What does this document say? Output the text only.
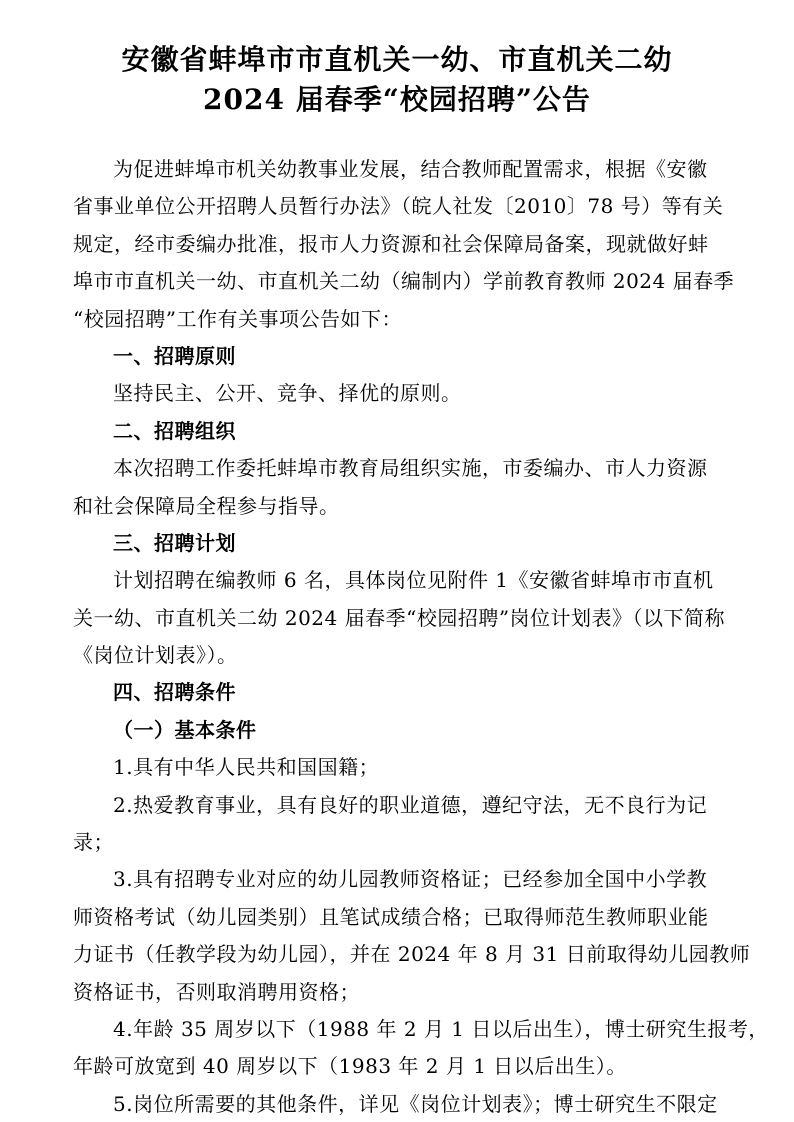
安徽省蚌埠市市直机关一幼、市直机关二幼
2024 届春季“校园招聘”公告
为促进蚌埠市机关幼教事业发展，结合教师配置需求，根据《安徽
省事业单位公开招聘人员暂行办法》（皖人社发〔2010〕78 号）等有关
规定，经市委编办批准，报市人力资源和社会保障局备案，现就做好蚌
埠市市直机关一幼、市直机关二幼（编制内）学前教育教师 2024 届春季
“校园招聘”工作有关事项公告如下：
一、招聘原则
坚持民主、公开、竞争、择优的原则。
二、招聘组织
本次招聘工作委托蚌埠市教育局组织实施，市委编办、市人力资源
和社会保障局全程参与指导。
三、招聘计划
计划招聘在编教师 6 名，具体岗位见附件 1《安徽省蚌埠市市直机
关一幼、市直机关二幼 2024 届春季“校园招聘”岗位计划表》（以下简称
《岗位计划表》）。
四、招聘条件
（一）基本条件
1.具有中华人民共和国国籍；
2.热爱教育事业，具有良好的职业道德，遵纪守法，无不良行为记
录；
3.具有招聘专业对应的幼儿园教师资格证；已经参加全国中小学教
师资格考试（幼儿园类别）且笔试成绩合格；已取得师范生教师职业能
力证书（任教学段为幼儿园），并在 2024 年 8 月 31 日前取得幼儿园教师
资格证书，否则取消聘用资格；
4.年龄 35 周岁以下（1988 年 2 月 1 日以后出生），博士研究生报考，
年龄可放宽到 40 周岁以下（1983 年 2 月 1 日以后出生）。
5.岗位所需要的其他条件，详见《岗位计划表》；博士研究生不限定
